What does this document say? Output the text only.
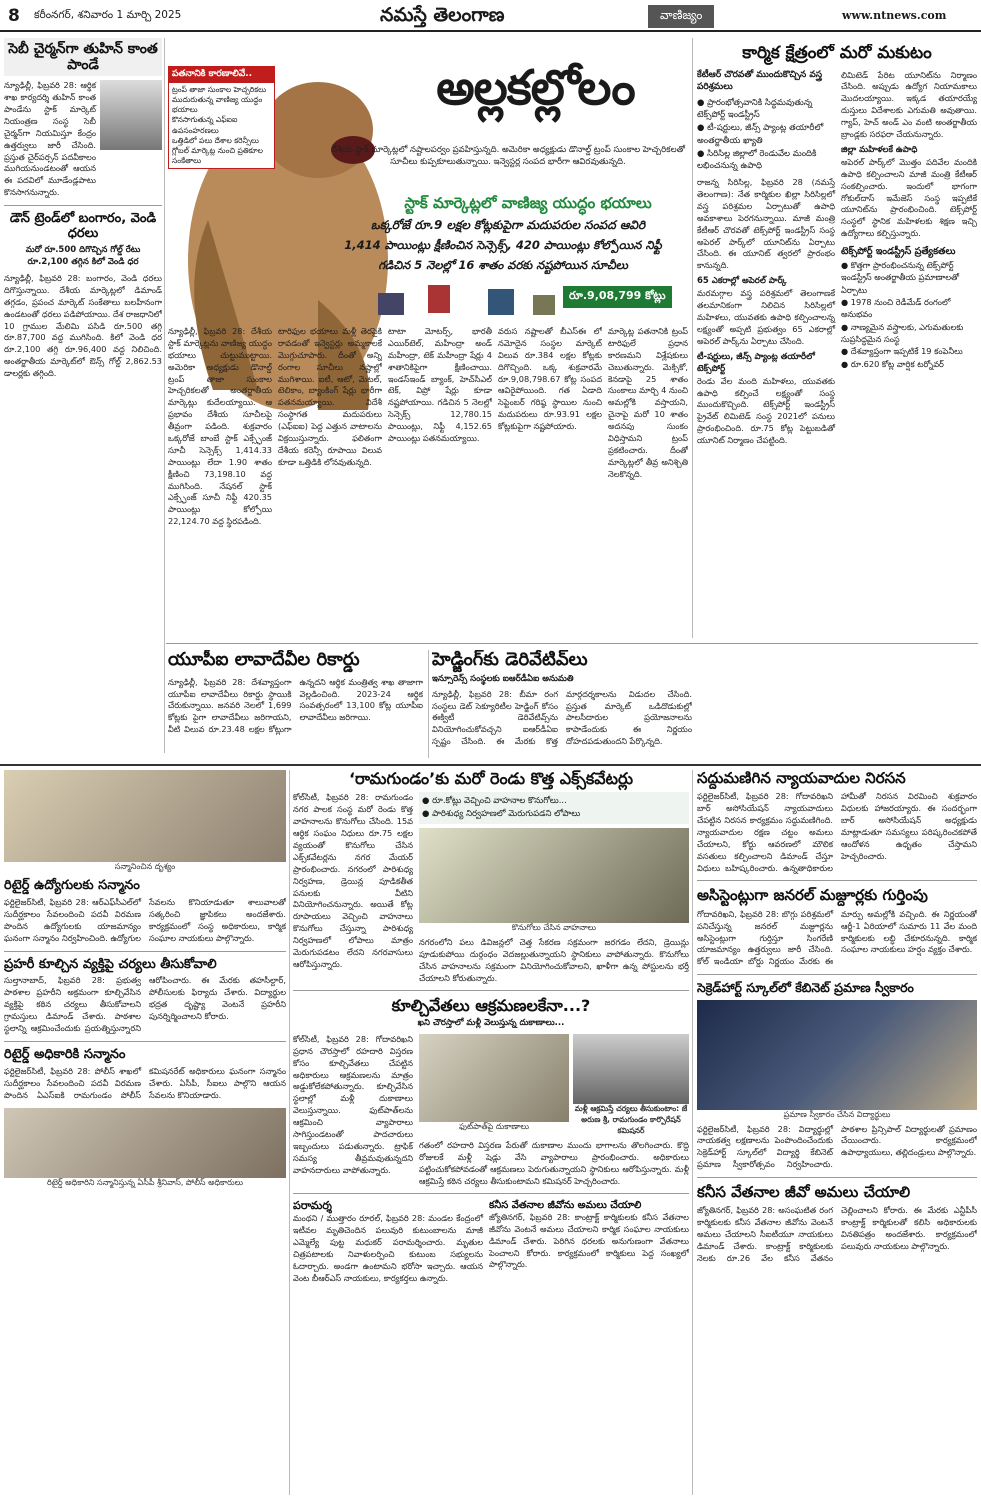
8 కరీంనగర్, శనివారం 1 మార్చి 2025	నమస్తే తెలంగాణ	వాణిజ్యం	www.ntnews.com
సెబీ చైర్మన్‌గా తుహిన్ కాంత పాండే
న్యూఢిల్లీ, ఫిబ్రవరి 28: ఆర్థిక శాఖ కార్యదర్శి తుహిన్ కాంత పాండేను స్టాక్ మార్కెట్ నియంత్రణ సంస్థ సెబీ చైర్మన్‌గా నియమిస్తూ కేంద్రం ఉత్తర్వులు జారీ చేసింది. ప్రస్తుత చైర్‌పర్సన్ పదవీకాలం ముగియనుండటంతో ఆయన ఈ పదవిలో మూడేండ్లపాటు కొనసాగనున్నారు.
డౌన్ ట్రెండ్‌లో బంగారం, వెండి ధరలు
మరో రూ.500 దిగొచ్చిన గోల్డ్ రేటు
రూ.2,100 తగ్గిన కిలో వెండి ధర
న్యూఢిల్లీ, ఫిబ్రవరి 28: బంగారం, వెండి ధరలు దిగొస్తున్నాయి. దేశీయ మార్కెట్లలో డిమాండ్ తగ్గడం, ప్రపంచ మార్కెట్ సంకేతాలు బలహీనంగా ఉండటంతో ధరలు పడిపోయాయి. దేశ రాజధానిలో 10 గ్రాముల మేలిమి పసిడి రూ.500 తగ్గి రూ.87,700 వద్ద ముగిసింది. కిలో వెండి ధర రూ.2,100 తగ్గి రూ.96,400 వద్ద నిలిచింది. అంతర్జాతీయ మార్కెట్‌లో ఔన్స్ గోల్డ్ 2,862.53 డాలర్లకు తగ్గింది.
పతనానికి కారణాలివే..
ట్రంప్ తాజా సుంకాల హెచ్చరికలు
ముదురుతున్న వాణిజ్య యుద్ధం భయాలు
కొనసాగుతున్న ఎఫ్‌ఐఐ ఉపసంహరణలు
ఒత్తిడిలో పలు దేశాల కరెన్సీలు
గ్లోబల్ మార్కెట్ల నుంచి ప్రతికూల సంకేతాలు
అల్లకల్లోలం
దేశీయ స్టాక్ మార్కెట్లలో నష్టాలపర్వం ప్రవహిస్తున్నది. అమెరికా అధ్యక్షుడు డొనాల్డ్ ట్రంప్ సుంకాల హెచ్చరికలతో సూచీలు కుప్పకూలుతున్నాయి. ఇన్వెస్టర్ల సంపద భారీగా ఆవిరవుతున్నది.
స్టాక్ మార్కెట్లలో వాణిజ్య యుద్ధం భయాలు
ఒక్కరోజే రూ.9 లక్షల కోట్లకుపైగా మదుపరుల సంపద ఆవిరి
1,414 పాయింట్లు క్షీణించిన సెన్సెక్స్, 420 పాయింట్లు కోల్పోయిన నిఫ్టీ
గడిచిన 5 నెలల్లో 16 శాతం వరకు నష్టపోయిన సూచీలు
రూ.9,08,799 కోట్లు
న్యూఢిల్లీ, ఫిబ్రవరి 28: దేశీయ స్టాక్ మార్కెట్లను వాణిజ్య యుద్ధం భయాలు చుట్టుముట్టాయి. అమెరికా అధ్యక్షుడు డొనాల్డ్ ట్రంప్ తాజా సుంకాల హెచ్చరికలతో అంతర్జాతీయ మార్కెట్లు కుదేలయ్యాయి. ఆ ప్రభావం దేశీయ సూచీలపై తీవ్రంగా పడింది. శుక్రవారం ఒక్కరోజే బాంబే స్టాక్ ఎక్స్ఛేంజ్ సూచీ సెన్సెక్స్ 1,414.33 పాయింట్లు లేదా 1.90 శాతం క్షీణించి 73,198.10 వద్ద ముగిసింది. నేషనల్ స్టాక్ ఎక్స్ఛేంజ్ సూచీ నిఫ్టీ 420.35 పాయింట్లు కోల్పోయి 22,124.70 వద్ద స్థిరపడింది.
టారిఫుల భయాలు మళ్లీ తెరపైకి రావడంతో ఇన్వెస్టర్లు అమ్మకాలకే మొగ్గుచూపారు. దీంతో అన్ని రంగాల సూచీలు నష్టాల్లో ముగిశాయి. ఐటీ, ఆటో, మెటల్, టెలికాం, బ్యాంకింగ్ షేర్లు భారీగా పతనమయ్యాయి. విదేశీ సంస్థాగత మదుపరులు (ఎఫ్‌ఐఐ) పెద్ద ఎత్తున వాటాలను విక్రయిస్తున్నారు. ఫలితంగా దేశీయ కరెన్సీ రూపాయి విలువ కూడా ఒత్తిడికి లోనవుతున్నది.
టాటా మోటర్స్, భారతీ ఎయిర్‌టెల్, మహీంద్రా అండ్ మహీంద్రా, టెక్ మహీంద్రా షేర్లు 4 శాతానికిపైగా క్షీణించాయి. ఇండస్‌ఇండ్ బ్యాంక్, హెచ్‌సీఎల్ టెక్, విప్రో షేర్లు కూడా నష్టపోయాయి. గడిచిన 5 నెలల్లో సెన్సెక్స్ 12,780.15 పాయింట్లు, నిఫ్టీ 4,152.65 పాయింట్లు పతనమయ్యాయి.
వరుస నష్టాలతో బీఎస్‌ఈ లో నమోదైన సంస్థల మార్కెట్ విలువ రూ.384 లక్షల కోట్లకు దిగొచ్చింది. ఒక్క శుక్రవారమే రూ.9,08,798.67 కోట్ల సంపద ఆవిరైపోయింది. గత ఏడాది సెప్టెంబర్ గరిష్ఠ స్థాయిల నుంచి మదుపరులు రూ.93.91 లక్షల కోట్లకుపైగా నష్టపోయారు.
మార్కెట్ల పతనానికి ట్రంప్ టారిఫులే ప్రధాన కారణమని విశ్లేషకులు చెబుతున్నారు. మెక్సికో, కెనడాపై 25 శాతం సుంకాలు మార్చి 4 నుంచి అమల్లోకి వస్తాయని, చైనాపై మరో 10 శాతం అదనపు సుంకం విధిస్తామని ట్రంప్ ప్రకటించారు. దీంతో మార్కెట్లలో తీవ్ర అనిశ్చితి నెలకొన్నది.
కార్మిక క్షేత్రంలో మరో మకుటం
కేటీఆర్ చొరవతో ముందుకొచ్చిన వస్త్ర పరిశ్రమలు
● ప్రారంభోత్సవానికి సిద్ధమవుతున్న టెక్స్‌పోర్ట్ ఇండస్ట్రీస్
● టీ-షర్టులు, జీన్స్ ప్యాంట్ల తయారీలో అంతర్జాతీయ ఖ్యాతి
● సిరిసిల్ల జిల్లాలో రెండువేల మందికి లభించనున్న ఉపాధి
రాజన్న సిరిసిల్ల, ఫిబ్రవరి 28 (నమస్తే తెలంగాణ): నేత కార్మికుల ఖిల్లా సిరిసిల్లలో వస్త్ర పరిశ్రమల ఏర్పాటుతో ఉపాధి అవకాశాలు పెరగనున్నాయి. మాజీ మంత్రి కేటీఆర్ చొరవతో టెక్స్‌పోర్ట్ ఇండస్ట్రీస్ సంస్థ అపెరల్ పార్క్‌లో యూనిట్‌ను ఏర్పాటు చేసింది. ఈ యూనిట్ త్వరలో ప్రారంభం కానున్నది.
65 ఎకరాల్లో అపెరల్ పార్క్
మరమగ్గాల వస్త్ర పరిశ్రమలో తెలంగాణకే తలమానికంగా నిలిచిన సిరిసిల్లలో మహిళలు, యువతకు ఉపాధి కల్పించాలన్న లక్ష్యంతో అప్పటి ప్రభుత్వం 65 ఎకరాల్లో అపెరల్ పార్క్‌ను ఏర్పాటు చేసింది.
టీ-షర్టులు, జీన్స్ ప్యాంట్ల తయారీలో టెక్స్‌పోర్ట్
రెండు వేల మంది మహిళలు, యువతకు ఉపాధి కల్పించే లక్ష్యంతో సంస్థ ముందుకొచ్చింది. టెక్స్‌పోర్ట్ ఇండస్ట్రీస్ ప్రైవేట్ లిమిటెడ్ సంస్థ 2021లో పనులు ప్రారంభించింది. రూ.75 కోట్ల పెట్టుబడితో యూనిట్ నిర్మాణం చేపట్టింది.
లిమిటెడ్ పేరిట యూనిట్‌ను నిర్మాణం చేసింది. అప్పుడు ఉద్యోగ నియామకాలు మొదలయ్యాయి. ఇక్కడ తయారయ్యే దుస్తులు విదేశాలకు ఎగుమతి అవుతాయి. గ్యాప్, హెచ్ అండ్ ఎం వంటి అంతర్జాతీయ బ్రాండ్లకు సరఫరా చేయనున్నారు.
జిల్లా మహిళలకే ఉపాధి
అపెరల్ పార్క్‌లో మొత్తం పదివేల మందికి ఉపాధి కల్పించాలని మాజీ మంత్రి కేటీఆర్ సంకల్పించారు. ఇందులో భాగంగా గోకుల్‌దాస్ ఇమేజెస్ సంస్థ ఇప్పటికే యూనిట్‌ను ప్రారంభించింది. టెక్స్‌పోర్ట్ సంస్థలో స్థానిక మహిళలకు శిక్షణ ఇచ్చి ఉద్యోగాలు కల్పిస్తున్నారు.
టెక్స్‌పోర్ట్ ఇండస్ట్రీస్ ప్రత్యేకతలు
● కొత్తగా ప్రారంభించనున్న టెక్స్‌పోర్ట్ ఇండస్ట్రీస్ అంతర్జాతీయ ప్రమాణాలతో ఏర్పాటు
● 1978 నుంచి రెడీమేడ్ రంగంలో అనుభవం
● నాణ్యమైన వస్త్రాలకు, ఎగుమతులకు సుప్రసిద్ధమైన సంస్థ
● దేశవ్యాప్తంగా ఇప్పటికే 19 కంపెనీలు
● రూ.620 కోట్ల వార్షిక టర్నోవర్
యూపీఐ లావాదేవీల రికార్డు
న్యూఢిల్లీ, ఫిబ్రవరి 28: దేశవ్యాప్తంగా యూపీఐ లావాదేవీలు రికార్డు స్థాయికి చేరుకున్నాయి. జనవరి నెలలో 1,699 కోట్లకు పైగా లావాదేవీలు జరిగాయని, వీటి విలువ రూ.23.48 లక్షల కోట్లుగా ఉన్నదని ఆర్థిక మంత్రిత్వ శాఖ తాజాగా వెల్లడించింది. 2023-24 ఆర్థిక సంవత్సరంలో 13,100 కోట్ల యూపీఐ లావాదేవీలు జరిగాయి.
హెడ్జింగ్‌కు డెరివేటివ్‌లు
ఇన్సూరెన్స్ సంస్థలకు ఐఆర్‌డీఏఐ అనుమతి
న్యూఢిల్లీ, ఫిబ్రవరి 28: బీమా రంగ సంస్థలు డెట్ సెక్యూరిటీల హెడ్జింగ్ కోసం ఈక్విటీ డెరివేటివ్స్‌ను వినియోగించుకోవచ్చని ఐఆర్‌డీఏఐ స్పష్టం చేసింది. ఈ మేరకు కొత్త మార్గదర్శకాలను విడుదల చేసింది. ప్రస్తుత మార్కెట్ ఒడిదొడుకుల్లో పాలసీదారుల ప్రయోజనాలను కాపాడేందుకు ఈ నిర్ణయం దోహదపడుతుందని పేర్కొన్నది.
సన్మానించిన దృశ్యం
రిటైర్డ్ ఉద్యోగులకు సన్మానం
ఫర్టిలైజర్‌సిటీ, ఫిబ్రవరి 28: ఆర్ఎఫ్‌సీఎల్‌లో సుదీర్ఘకాలం సేవలందించి పదవీ విరమణ పొందిన ఉద్యోగులకు యాజమాన్యం ఘనంగా సన్మానం నిర్వహించింది. ఉద్యోగుల సేవలను కొనియాడుతూ శాలువాలతో సత్కరించి జ్ఞాపికలు అందజేశారు. కార్యక్రమంలో సంస్థ అధికారులు, కార్మిక సంఘాల నాయకులు పాల్గొన్నారు.
ప్రహరీ కూల్చిన వ్యక్తిపై చర్యలు తీసుకోవాలి
సుల్తానాబాద్, ఫిబ్రవరి 28: ప్రభుత్వ పాఠశాల ప్రహరీని అక్రమంగా కూల్చివేసిన వ్యక్తిపై కఠిన చర్యలు తీసుకోవాలని గ్రామస్తులు డిమాండ్ చేశారు. పాఠశాల స్థలాన్ని ఆక్రమించేందుకు ప్రయత్నిస్తున్నారని ఆరోపించారు. ఈ మేరకు తహసీల్దార్, పోలీసులకు ఫిర్యాదు చేశారు. విద్యార్థుల భద్రత దృష్ట్యా వెంటనే ప్రహరీని పునర్నిర్మించాలని కోరారు.
రిటైర్డ్ అధికారికి సన్మానం
ఫర్టిలైజర్‌సిటీ, ఫిబ్రవరి 28: పోలీస్ శాఖలో సుదీర్ఘకాలం సేవలందించి పదవీ విరమణ పొందిన ఏఎస్ఐకి రామగుండం పోలీస్ కమిషనరేట్ అధికారులు ఘనంగా సన్మానం చేశారు. ఏసీపీ, సీఐలు పాల్గొని ఆయన సేవలను కొనియాడారు.
రిటైర్డ్ అధికారిని సన్మానిస్తున్న ఏసీపీ శ్రీనివాస్, పోలీస్ అధికారులు
‘రామగుండం’కు మరో రెండు కొత్త ఎక్స్‌కవేటర్లు
కోల్‌సిటీ, ఫిబ్రవరి 28: రామగుండం నగర పాలక సంస్థ మరో రెండు కొత్త వాహనాలను కొనుగోలు చేసింది. 15వ ఆర్థిక సంఘం నిధులు రూ.75 లక్షల వ్యయంతో కొనుగోలు చేసిన ఎక్స్‌కవేటర్లను నగర మేయర్ ప్రారంభించారు. నగరంలో పారిశుధ్య నిర్వహణ, డ్రెయిన్ల పూడికతీత పనులకు వీటిని వినియోగించనున్నారు. అయితే కోట్ల రూపాయలు వెచ్చించి వాహనాలు కొనుగోలు చేస్తున్నా పారిశుధ్య నిర్వహణలో లోపాలు మాత్రం మెరుగుపడటం లేదని నగరవాసులు ఆరోపిస్తున్నారు.
● రూ.కోట్లు వెచ్చించి వాహనాల కొనుగోలు...
● పారిశుధ్య నిర్వహణలో మెరుగుపడని లోపాలు
కొనుగోలు చేసిన వాహనాలు
నగరంలోని పలు డివిజన్లలో చెత్త సేకరణ సక్రమంగా జరగడం లేదని, డ్రెయిన్లు పూడుకుపోయి దుర్గంధం వెదజల్లుతున్నాయని స్థానికులు వాపోతున్నారు. కొనుగోలు చేసిన వాహనాలను సక్రమంగా వినియోగించుకోవాలని, ఖాళీగా ఉన్న పోస్టులను భర్తీ చేయాలని కోరుతున్నారు.
కూల్చివేతలు ఆక్రమణలకేనా...?
ఖని చౌరస్తాలో మళ్లీ వెలుస్తున్న దుకాణాలు...
కోల్‌సిటీ, ఫిబ్రవరి 28: గోదావరిఖని ప్రధాన చౌరస్తాలో రహదారి విస్తరణ కోసం కూల్చివేతలు చేపట్టిన అధికారులు ఆక్రమణలను మాత్రం అడ్డుకోలేకపోతున్నారు. కూల్చివేసిన స్థలాల్లో మళ్లీ దుకాణాలు వెలుస్తున్నాయి. ఫుట్‌పాత్‌లను ఆక్రమించి వ్యాపారాలు సాగిస్తుండటంతో పాదచారులు ఇబ్బందులు పడుతున్నారు. ట్రాఫిక్ సమస్య తీవ్రమవుతున్నదని వాహనదారులు వాపోతున్నారు.
ఫుట్‌పాత్‌పై దుకాణాలు
మళ్లీ ఆక్రమిస్తే చర్యలు తీసుకుంటాం: జే అరుణ శ్రీ, రామగుండం కార్పొరేషన్ కమిషనర్
గతంలో రహదారి విస్తరణ పేరుతో దుకాణాల ముందు భాగాలను తొలగించారు. కొద్ది రోజులకే మళ్లీ షెడ్లు వేసి వ్యాపారాలు ప్రారంభించారు. అధికారులు పట్టించుకోకపోవడంతో ఆక్రమణలు పెరుగుతున్నాయని స్థానికులు ఆరోపిస్తున్నారు. మళ్లీ ఆక్రమిస్తే కఠిన చర్యలు తీసుకుంటామని కమిషనర్ హెచ్చరించారు.
పరామర్శ
మంథని / ముత్తారం రూరల్, ఫిబ్రవరి 28: మండల కేంద్రంలో ఇటీవల మృతిచెందిన పలువురి కుటుంబాలను మాజీ ఎమ్మెల్యే పుట్ట మధుకర్ పరామర్శించారు. మృతుల చిత్రపటాలకు నివాళులర్పించి కుటుంబ సభ్యులను ఓదార్చారు. అండగా ఉంటామని భరోసా ఇచ్చారు. ఆయన వెంట బీఆర్ఎస్ నాయకులు, కార్యకర్తలు ఉన్నారు.
కనీస వేతనాల జీవోను అమలు చేయాలి
జ్యోతినగర్, ఫిబ్రవరి 28: కాంట్రాక్ట్ కార్మికులకు కనీస వేతనాల జీవోను వెంటనే అమలు చేయాలని కార్మిక సంఘాల నాయకులు డిమాండ్ చేశారు. పెరిగిన ధరలకు అనుగుణంగా వేతనాలు పెంచాలని కోరారు. కార్యక్రమంలో కార్మికులు పెద్ద సంఖ్యలో పాల్గొన్నారు.
సద్దుమణిగిన న్యాయవాదుల నిరసన
ఫర్టిలైజర్‌సిటీ, ఫిబ్రవరి 28: గోదావరిఖని బార్ అసోసియేషన్ న్యాయవాదులు చేపట్టిన నిరసన కార్యక్రమం సద్దుమణిగింది. న్యాయవాదుల రక్షణ చట్టం అమలు చేయాలని, కోర్టు ఆవరణలో మౌలిక వసతులు కల్పించాలని డిమాండ్ చేస్తూ విధులు బహిష్కరించారు. ఉన్నతాధికారుల హామీతో నిరసన విరమించి శుక్రవారం విధులకు హాజరయ్యారు. ఈ సందర్భంగా బార్ అసోసియేషన్ అధ్యక్షుడు మాట్లాడుతూ సమస్యలు పరిష్కరించకపోతే ఆందోళన ఉధృతం చేస్తామని హెచ్చరించారు.
అసిస్టెంట్లుగా జనరల్ మజ్దూర్లకు గుర్తింపు
గోదావరిఖని, ఫిబ్రవరి 28: బొగ్గు పరిశ్రమలో పనిచేస్తున్న జనరల్ మజ్దూర్లను అసిస్టెంట్లుగా గుర్తిస్తూ సింగరేణి యాజమాన్యం ఉత్తర్వులు జారీ చేసింది. కోల్ ఇండియా బోర్డు నిర్ణయం మేరకు ఈ మార్పు అమల్లోకి వచ్చింది. ఈ నిర్ణయంతో ఆర్జీ-1 ఏరియాలో సుమారు 11 వేల మంది కార్మికులకు లబ్ధి చేకూరనున్నది. కార్మిక సంఘాల నాయకులు హర్షం వ్యక్తం చేశారు.
సెక్రెడ్‌హార్ట్ స్కూల్‌లో కేబినెట్ ప్రమాణ స్వీకారం
ప్రమాణ స్వీకారం చేసిన విద్యార్థులు
ఫర్టిలైజర్‌సిటీ, ఫిబ్రవరి 28: విద్యార్థుల్లో నాయకత్వ లక్షణాలను పెంపొందించేందుకు సెక్రెడ్‌హార్ట్ స్కూల్‌లో విద్యార్థి కేబినెట్ ప్రమాణ స్వీకారోత్సవం నిర్వహించారు. పాఠశాల ప్రిన్సిపాల్ విద్యార్థులతో ప్రమాణం చేయించారు. కార్యక్రమంలో ఉపాధ్యాయులు, తల్లిదండ్రులు పాల్గొన్నారు.
కనీస వేతనాల జీవో అమలు చేయాలి
జ్యోతినగర్, ఫిబ్రవరి 28: అసంఘటిత రంగ కార్మికులకు కనీస వేతనాల జీవోను వెంటనే అమలు చేయాలని సీఐటీయూ నాయకులు డిమాండ్ చేశారు. కాంట్రాక్ట్ కార్మికులకు నెలకు రూ.26 వేల కనీస వేతనం చెల్లించాలని కోరారు. ఈ మేరకు ఎన్టీపీసీ కాంట్రాక్ట్ కార్మికులతో కలిసి అధికారులకు వినతిపత్రం అందజేశారు. కార్యక్రమంలో పలువురు నాయకులు పాల్గొన్నారు.
